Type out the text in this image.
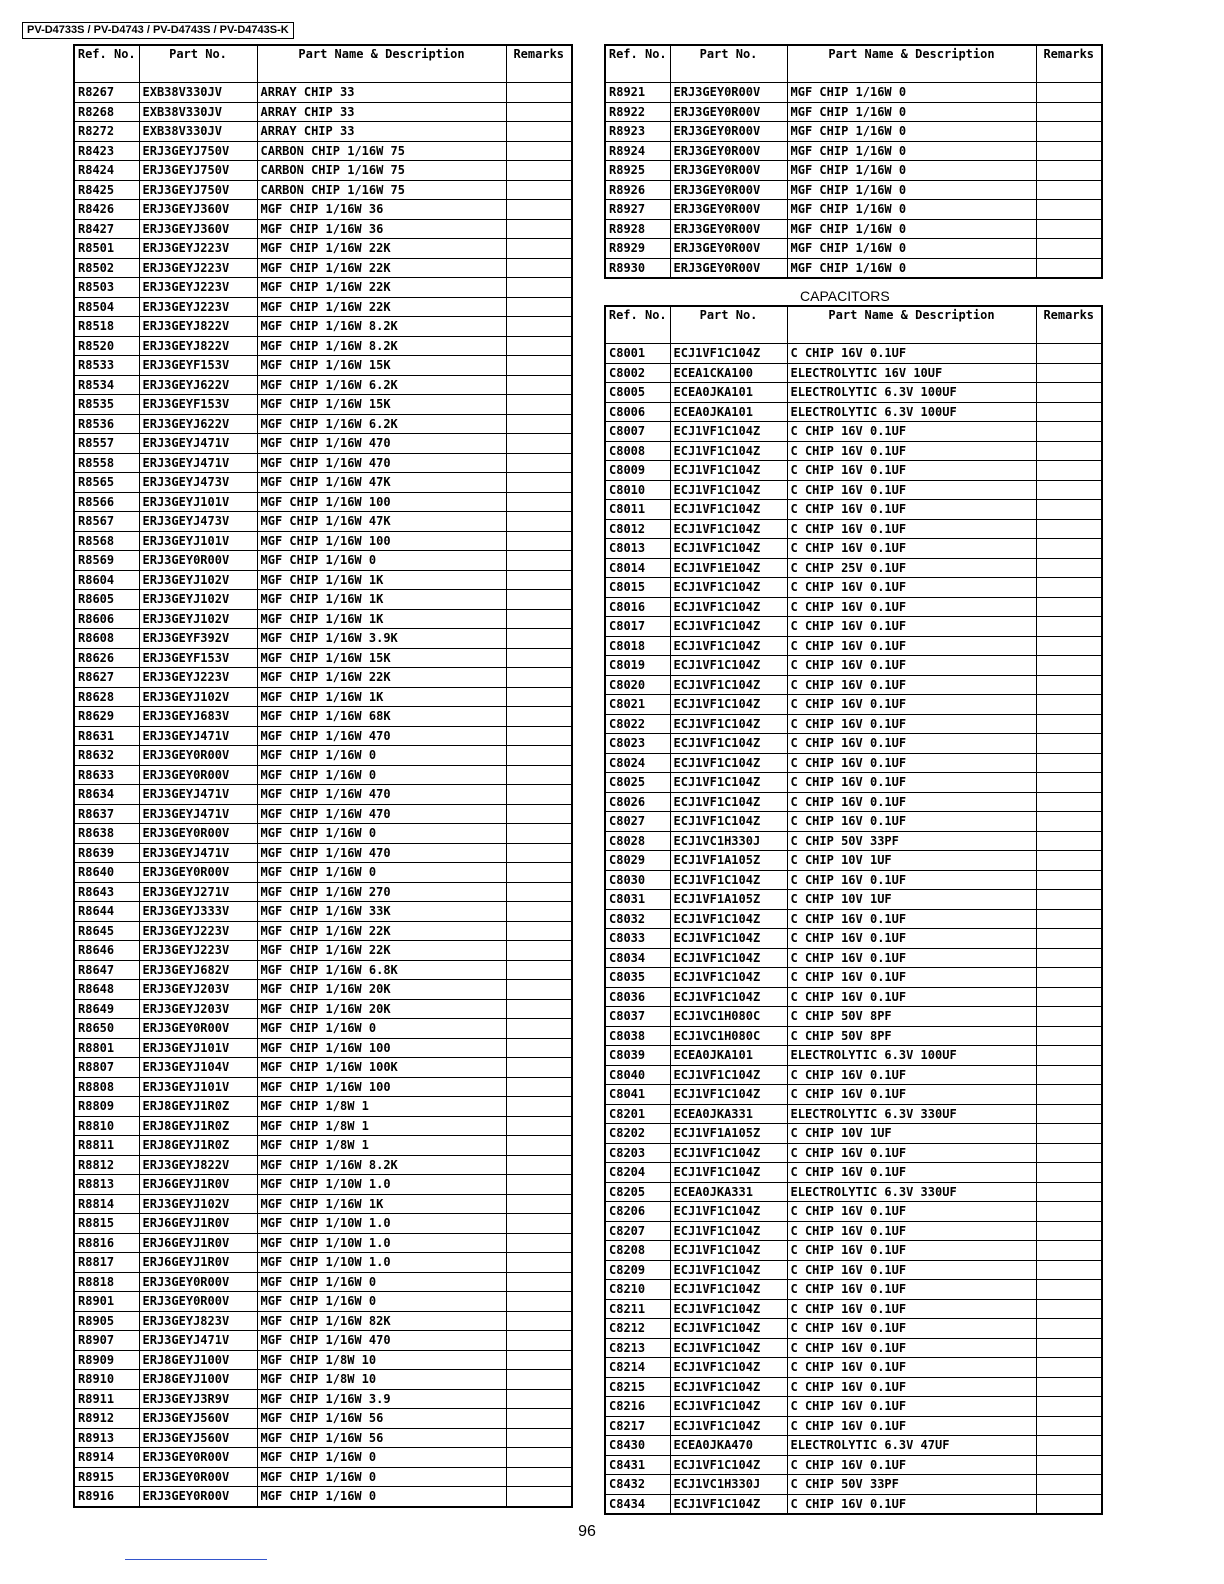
PV-D4733S / PV-D4743 / PV-D4743S / PV-D4743S-K
Ref. No.	Part No.	Part Name & Description	Remarks
R8267	EXB38V330JV	ARRAY CHIP 33	
R8268	EXB38V330JV	ARRAY CHIP 33	
R8272	EXB38V330JV	ARRAY CHIP 33	
R8423	ERJ3GEYJ750V	CARBON CHIP 1/16W 75	
R8424	ERJ3GEYJ750V	CARBON CHIP 1/16W 75	
R8425	ERJ3GEYJ750V	CARBON CHIP 1/16W 75	
R8426	ERJ3GEYJ360V	MGF CHIP 1/16W 36	
R8427	ERJ3GEYJ360V	MGF CHIP 1/16W 36	
R8501	ERJ3GEYJ223V	MGF CHIP 1/16W 22K	
R8502	ERJ3GEYJ223V	MGF CHIP 1/16W 22K	
R8503	ERJ3GEYJ223V	MGF CHIP 1/16W 22K	
R8504	ERJ3GEYJ223V	MGF CHIP 1/16W 22K	
R8518	ERJ3GEYJ822V	MGF CHIP 1/16W 8.2K	
R8520	ERJ3GEYJ822V	MGF CHIP 1/16W 8.2K	
R8533	ERJ3GEYF153V	MGF CHIP 1/16W 15K	
R8534	ERJ3GEYJ622V	MGF CHIP 1/16W 6.2K	
R8535	ERJ3GEYF153V	MGF CHIP 1/16W 15K	
R8536	ERJ3GEYJ622V	MGF CHIP 1/16W 6.2K	
R8557	ERJ3GEYJ471V	MGF CHIP 1/16W 470	
R8558	ERJ3GEYJ471V	MGF CHIP 1/16W 470	
R8565	ERJ3GEYJ473V	MGF CHIP 1/16W 47K	
R8566	ERJ3GEYJ101V	MGF CHIP 1/16W 100	
R8567	ERJ3GEYJ473V	MGF CHIP 1/16W 47K	
R8568	ERJ3GEYJ101V	MGF CHIP 1/16W 100	
R8569	ERJ3GEY0R00V	MGF CHIP 1/16W 0	
R8604	ERJ3GEYJ102V	MGF CHIP 1/16W 1K	
R8605	ERJ3GEYJ102V	MGF CHIP 1/16W 1K	
R8606	ERJ3GEYJ102V	MGF CHIP 1/16W 1K	
R8608	ERJ3GEYF392V	MGF CHIP 1/16W 3.9K	
R8626	ERJ3GEYF153V	MGF CHIP 1/16W 15K	
R8627	ERJ3GEYJ223V	MGF CHIP 1/16W 22K	
R8628	ERJ3GEYJ102V	MGF CHIP 1/16W 1K	
R8629	ERJ3GEYJ683V	MGF CHIP 1/16W 68K	
R8631	ERJ3GEYJ471V	MGF CHIP 1/16W 470	
R8632	ERJ3GEY0R00V	MGF CHIP 1/16W 0	
R8633	ERJ3GEY0R00V	MGF CHIP 1/16W 0	
R8634	ERJ3GEYJ471V	MGF CHIP 1/16W 470	
R8637	ERJ3GEYJ471V	MGF CHIP 1/16W 470	
R8638	ERJ3GEY0R00V	MGF CHIP 1/16W 0	
R8639	ERJ3GEYJ471V	MGF CHIP 1/16W 470	
R8640	ERJ3GEY0R00V	MGF CHIP 1/16W 0	
R8643	ERJ3GEYJ271V	MGF CHIP 1/16W 270	
R8644	ERJ3GEYJ333V	MGF CHIP 1/16W 33K	
R8645	ERJ3GEYJ223V	MGF CHIP 1/16W 22K	
R8646	ERJ3GEYJ223V	MGF CHIP 1/16W 22K	
R8647	ERJ3GEYJ682V	MGF CHIP 1/16W 6.8K	
R8648	ERJ3GEYJ203V	MGF CHIP 1/16W 20K	
R8649	ERJ3GEYJ203V	MGF CHIP 1/16W 20K	
R8650	ERJ3GEY0R00V	MGF CHIP 1/16W 0	
R8801	ERJ3GEYJ101V	MGF CHIP 1/16W 100	
R8807	ERJ3GEYJ104V	MGF CHIP 1/16W 100K	
R8808	ERJ3GEYJ101V	MGF CHIP 1/16W 100	
R8809	ERJ8GEYJ1R0Z	MGF CHIP 1/8W 1	
R8810	ERJ8GEYJ1R0Z	MGF CHIP 1/8W 1	
R8811	ERJ8GEYJ1R0Z	MGF CHIP 1/8W 1	
R8812	ERJ3GEYJ822V	MGF CHIP 1/16W 8.2K	
R8813	ERJ6GEYJ1R0V	MGF CHIP 1/10W 1.0	
R8814	ERJ3GEYJ102V	MGF CHIP 1/16W 1K	
R8815	ERJ6GEYJ1R0V	MGF CHIP 1/10W 1.0	
R8816	ERJ6GEYJ1R0V	MGF CHIP 1/10W 1.0	
R8817	ERJ6GEYJ1R0V	MGF CHIP 1/10W 1.0	
R8818	ERJ3GEY0R00V	MGF CHIP 1/16W 0	
R8901	ERJ3GEY0R00V	MGF CHIP 1/16W 0	
R8905	ERJ3GEYJ823V	MGF CHIP 1/16W 82K	
R8907	ERJ3GEYJ471V	MGF CHIP 1/16W 470	
R8909	ERJ8GEYJ100V	MGF CHIP 1/8W 10	
R8910	ERJ8GEYJ100V	MGF CHIP 1/8W 10	
R8911	ERJ3GEYJ3R9V	MGF CHIP 1/16W 3.9	
R8912	ERJ3GEYJ560V	MGF CHIP 1/16W 56	
R8913	ERJ3GEYJ560V	MGF CHIP 1/16W 56	
R8914	ERJ3GEY0R00V	MGF CHIP 1/16W 0	
R8915	ERJ3GEY0R00V	MGF CHIP 1/16W 0	
R8916	ERJ3GEY0R00V	MGF CHIP 1/16W 0	
Ref. No.	Part No.	Part Name & Description	Remarks
R8921	ERJ3GEY0R00V	MGF CHIP 1/16W 0	
R8922	ERJ3GEY0R00V	MGF CHIP 1/16W 0	
R8923	ERJ3GEY0R00V	MGF CHIP 1/16W 0	
R8924	ERJ3GEY0R00V	MGF CHIP 1/16W 0	
R8925	ERJ3GEY0R00V	MGF CHIP 1/16W 0	
R8926	ERJ3GEY0R00V	MGF CHIP 1/16W 0	
R8927	ERJ3GEY0R00V	MGF CHIP 1/16W 0	
R8928	ERJ3GEY0R00V	MGF CHIP 1/16W 0	
R8929	ERJ3GEY0R00V	MGF CHIP 1/16W 0	
R8930	ERJ3GEY0R00V	MGF CHIP 1/16W 0	
CAPACITORS
Ref. No.	Part No.	Part Name & Description	Remarks
C8001	ECJ1VF1C104Z	C CHIP 16V 0.1UF	
C8002	ECEA1CKA100	ELECTROLYTIC 16V 10UF	
C8005	ECEA0JKA101	ELECTROLYTIC 6.3V 100UF	
C8006	ECEA0JKA101	ELECTROLYTIC 6.3V 100UF	
C8007	ECJ1VF1C104Z	C CHIP 16V 0.1UF	
C8008	ECJ1VF1C104Z	C CHIP 16V 0.1UF	
C8009	ECJ1VF1C104Z	C CHIP 16V 0.1UF	
C8010	ECJ1VF1C104Z	C CHIP 16V 0.1UF	
C8011	ECJ1VF1C104Z	C CHIP 16V 0.1UF	
C8012	ECJ1VF1C104Z	C CHIP 16V 0.1UF	
C8013	ECJ1VF1C104Z	C CHIP 16V 0.1UF	
C8014	ECJ1VF1E104Z	C CHIP 25V 0.1UF	
C8015	ECJ1VF1C104Z	C CHIP 16V 0.1UF	
C8016	ECJ1VF1C104Z	C CHIP 16V 0.1UF	
C8017	ECJ1VF1C104Z	C CHIP 16V 0.1UF	
C8018	ECJ1VF1C104Z	C CHIP 16V 0.1UF	
C8019	ECJ1VF1C104Z	C CHIP 16V 0.1UF	
C8020	ECJ1VF1C104Z	C CHIP 16V 0.1UF	
C8021	ECJ1VF1C104Z	C CHIP 16V 0.1UF	
C8022	ECJ1VF1C104Z	C CHIP 16V 0.1UF	
C8023	ECJ1VF1C104Z	C CHIP 16V 0.1UF	
C8024	ECJ1VF1C104Z	C CHIP 16V 0.1UF	
C8025	ECJ1VF1C104Z	C CHIP 16V 0.1UF	
C8026	ECJ1VF1C104Z	C CHIP 16V 0.1UF	
C8027	ECJ1VF1C104Z	C CHIP 16V 0.1UF	
C8028	ECJ1VC1H330J	C CHIP 50V 33PF	
C8029	ECJ1VF1A105Z	C CHIP 10V 1UF	
C8030	ECJ1VF1C104Z	C CHIP 16V 0.1UF	
C8031	ECJ1VF1A105Z	C CHIP 10V 1UF	
C8032	ECJ1VF1C104Z	C CHIP 16V 0.1UF	
C8033	ECJ1VF1C104Z	C CHIP 16V 0.1UF	
C8034	ECJ1VF1C104Z	C CHIP 16V 0.1UF	
C8035	ECJ1VF1C104Z	C CHIP 16V 0.1UF	
C8036	ECJ1VF1C104Z	C CHIP 16V 0.1UF	
C8037	ECJ1VC1H080C	C CHIP 50V 8PF	
C8038	ECJ1VC1H080C	C CHIP 50V 8PF	
C8039	ECEA0JKA101	ELECTROLYTIC 6.3V 100UF	
C8040	ECJ1VF1C104Z	C CHIP 16V 0.1UF	
C8041	ECJ1VF1C104Z	C CHIP 16V 0.1UF	
C8201	ECEA0JKA331	ELECTROLYTIC 6.3V 330UF	
C8202	ECJ1VF1A105Z	C CHIP 10V 1UF	
C8203	ECJ1VF1C104Z	C CHIP 16V 0.1UF	
C8204	ECJ1VF1C104Z	C CHIP 16V 0.1UF	
C8205	ECEA0JKA331	ELECTROLYTIC 6.3V 330UF	
C8206	ECJ1VF1C104Z	C CHIP 16V 0.1UF	
C8207	ECJ1VF1C104Z	C CHIP 16V 0.1UF	
C8208	ECJ1VF1C104Z	C CHIP 16V 0.1UF	
C8209	ECJ1VF1C104Z	C CHIP 16V 0.1UF	
C8210	ECJ1VF1C104Z	C CHIP 16V 0.1UF	
C8211	ECJ1VF1C104Z	C CHIP 16V 0.1UF	
C8212	ECJ1VF1C104Z	C CHIP 16V 0.1UF	
C8213	ECJ1VF1C104Z	C CHIP 16V 0.1UF	
C8214	ECJ1VF1C104Z	C CHIP 16V 0.1UF	
C8215	ECJ1VF1C104Z	C CHIP 16V 0.1UF	
C8216	ECJ1VF1C104Z	C CHIP 16V 0.1UF	
C8217	ECJ1VF1C104Z	C CHIP 16V 0.1UF	
C8430	ECEA0JKA470	ELECTROLYTIC 6.3V 47UF	
C8431	ECJ1VF1C104Z	C CHIP 16V 0.1UF	
C8432	ECJ1VC1H330J	C CHIP 50V 33PF	
C8434	ECJ1VF1C104Z	C CHIP 16V 0.1UF	
96
